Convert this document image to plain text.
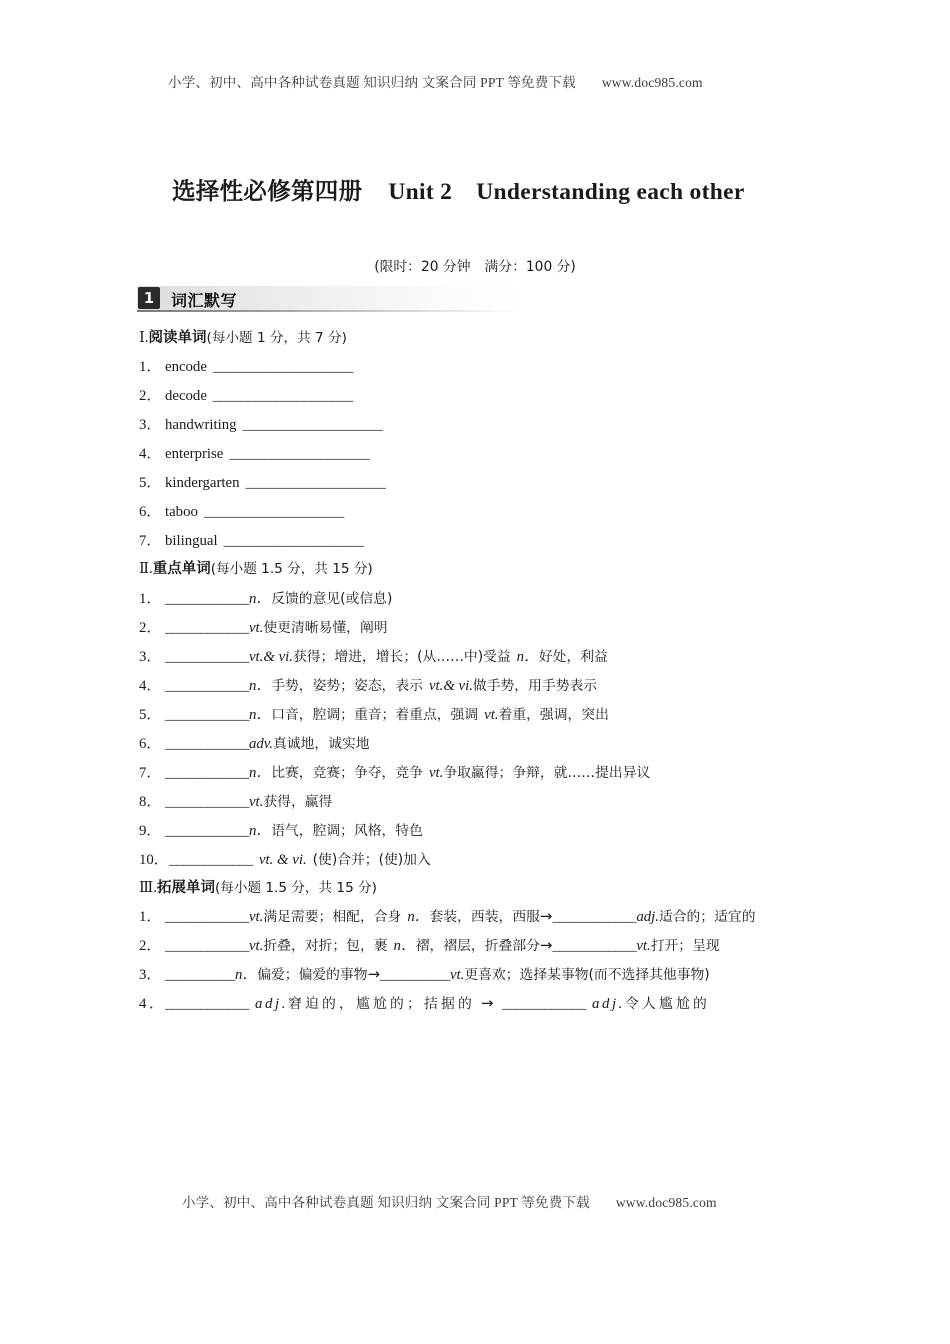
小学、初中、高中各种试卷真题 知识归纳 文案合同 PPT 等免费下载 www.doc985.com
选择性必修第四册 Unit 2 Understanding each other
(限时：20 分钟 满分：100 分)
1	词汇默写
Ⅰ.阅读单词(每小题 1 分，共 7 分)
1． encode ____________________
2． decode ____________________
3． handwriting ____________________
4． enterprise ____________________
5． kindergarten ____________________
6． taboo ____________________
7． bilingual ____________________
Ⅱ.重点单词(每小题 1.5 分，共 15 分)
1． ____________n．反馈的意见(或信息)
2． ____________vt.使更清晰易懂，阐明
3． ____________vt.& vi.获得；增进，增长；(从……中)受益 n．好处，利益
4． ____________n．手势，姿势；姿态，表示 vt.& vi.做手势，用手势表示
5． ____________n．口音，腔调；重音；着重点，强调 vt.着重，强调，突出
6． ____________adv.真诚地，诚实地
7． ____________n．比赛，竞赛；争夺，竞争 vt.争取赢得；争辩，就……提出异议
8． ____________vt.获得，赢得
9． ____________n．语气，腔调；风格，特色
10． ____________ vt. & vi. (使)合并；(使)加入
Ⅲ.拓展单词(每小题 1.5 分，共 15 分)
1． ____________vt.满足需要；相配，合身 n．套装，西装，西服→____________adj.适合的；适宜的
2． ____________vt.折叠，对折；包，裹 n．褶，褶层，折叠部分→____________vt.打开；呈现
3． __________n．偏爱；偏爱的事物→__________vt.更喜欢；选择某事物(而不选择其他事物)
4．
____________ adj.窘迫的，尴尬的；拮据的 → ____________ adj.令人尴尬的
小学、初中、高中各种试卷真题 知识归纳 文案合同 PPT 等免费下载 www.doc985.com
